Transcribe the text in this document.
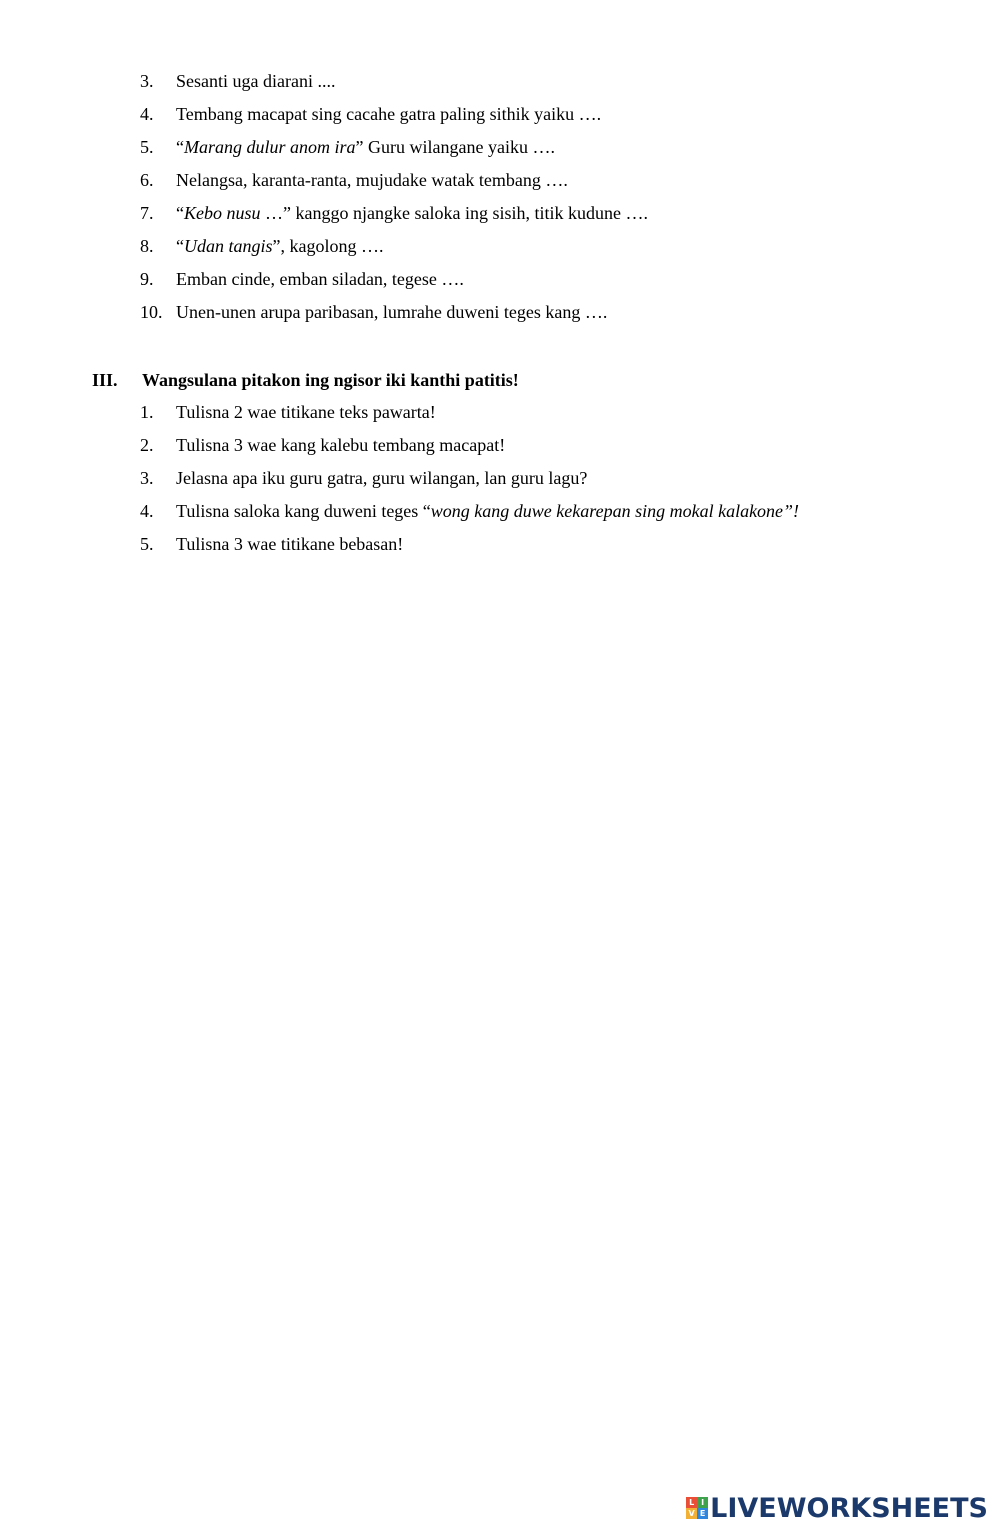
3. Sesanti uga diarani ....
4. Tembang macapat sing cacahe gatra paling sithik yaiku ….
5. “Marang dulur anom ira” Guru wilangane yaiku ….
6. Nelangsa, karanta-ranta, mujudake watak tembang ….
7. “Kebo nusu …” kanggo njangke saloka ing sisih, titik kudune ….
8. “Udan tangis”, kagolong ….
9. Emban cinde, emban siladan, tegese ….
10. Unen-unen arupa paribasan, lumrahe duweni teges kang ….
III. Wangsulana pitakon ing ngisor iki kanthi patitis!
1. Tulisna 2 wae titikane teks pawarta!
2. Tulisna 3 wae kang kalebu tembang macapat!
3. Jelasna apa iku guru gatra, guru wilangan, lan guru lagu?
4. Tulisna saloka kang duweni teges “wong kang duwe kekarepan sing mokal kalakone”!
5. Tulisna 3 wae titikane bebasan!
L I
V E LIVEWORKSHEETS
